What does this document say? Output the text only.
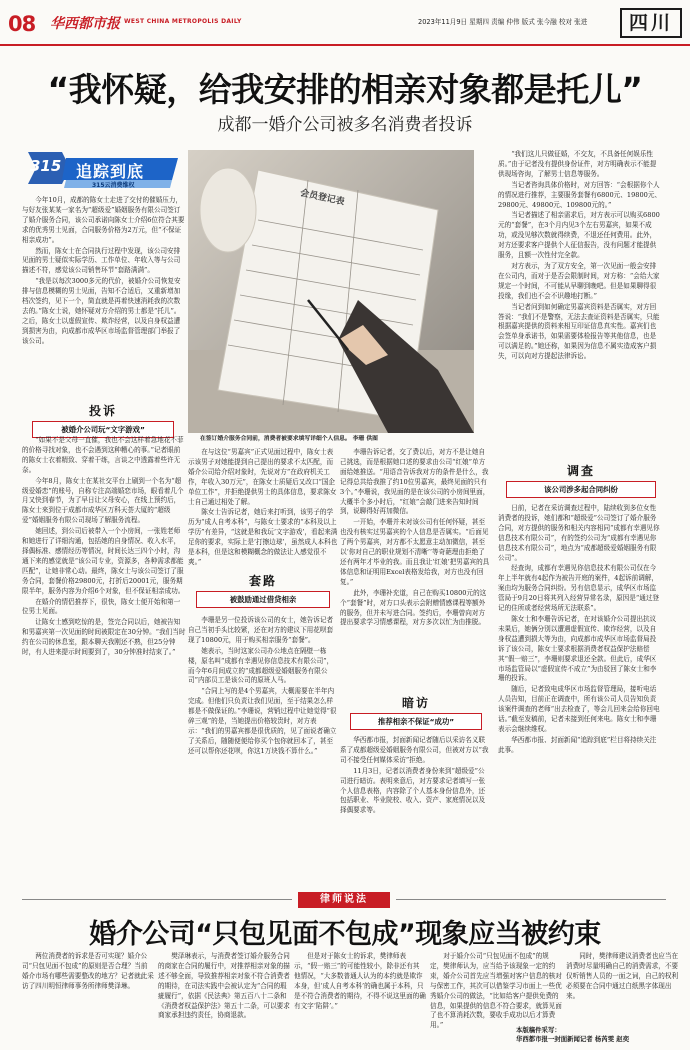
08 华西都市报 WEST CHINA METROPOLIS DAILY	2023年11月9日 星期四 责编 仲伟 版式 张今融 校对 张进	四川
“我怀疑，给我安排的相亲对象都是托儿”
成都一婚介公司被多名消费者投诉
315 追踪到底
315云消费维权

今年10月，成都的陈女士走进了交付的催婚压力，与好友张某某一家名为“超级爱”婚姻服务有限公司签订了婚介服务合同，该公司承诺向陈女士介绍6位符合其要求的优秀男士见面，合同服务价格为2万元，但“不保证相亲成功”。

然而，陈女士在合同执行过程中发现，该公司安排见面的男士疑似实际学历、工作单位、年收入等与公司描述不符，感觉该公司销售环节“套路满满”。

“我是以每次3000多元的代价，被婚介公司恢复安排与信息模糊的男士见面，告知不合适后，又重新增加档次签约，见下一个，简直就是再着快速消耗我的次数去的。”陈女士说，她怀疑对方介绍的男士都是“托儿”。之后，陈女士以虚假宣传、欺诈经营，以及自身权益遭到损害为由，向成都市成华区市场监督管理部门举报了该公司。

投诉
被婚介公司玩“文字游戏”

“如果不是父母一直催，我也不会这样着急地花不菲的价格寻找对象，也不会遇到这种糟心的事。”记者眼前的陈女士衣着精致、穿着干练，言谈之中透露着些许无奈。

今年8月，陈女士在某社交平台上刷到一个名为“超级爱婚恋”的账号，自称专注高端婚恋市场，眼看着几个月又快到春节，为了早日让父母安心，在线上预约后，陈女士来到位于成都市成华区万科天荟大厦的“超级爱”婚姻服务有限公司现场了解服务流程。

她回述，到公司后被带入一个小房间，一张姓老师和她进行了详细沟通，包括她的自身情况、收入水平，择偶标准、感情经历等情况，时间长达三四个小时，沟通下来的感觉就是“该公司专业，资源多，各种需求都能匹配”，让她非常心动。最终，陈女士与该公司签订了服务合同，套餐价格29800元，打折后20001元，服务期限半年，服务内容为介绍6个对象，但不保证相亲成功。

在婚介的情侣推荐下，很快，陈女士便开始和第一位男士见面。

让陈女士感到吃惊的是，签完合同以后，她被告知和男嘉宾第一次见面的时间被限定在30分钟。“我们当时约在公司的休息室，跟本聊天我刚还不熟，但25分钟时，有人进来提示时间要到了，30分钟准时结束了。”

会员登记表
在签订婚介服务合同前，消费者被要求填写详细个人信息。 李珊 供图

在与这位“男嘉宾”正式见面过程中，陈女士表示该男子对她能提到自己提出的要求不太匹配，而婚介公司给介绍对象时，先说对方“在政府机关工作，年收入30万元”，在陈女士质疑后又改口“国企单位工作”，并拒绝提供男士的具体信息，要求陈女士自己通过相处了解。

陈女士告诉记者，她后来打听到，该男子的学历为“成人自考本科”，与陈女士要求的“本科及以上学历”有差异，“这就是和我玩‘文字游戏’，看起来满足你的要求，实际上是‘打擦边球’，虽然成人本科也是本科，但是这和模糊概念的做法让人感觉很不爽。”

套路
被鼓励通过借贷相亲

李珊是另一位投诉该公司的女士，她告诉记者自己当初手头比较紧，还在对方的建议下用花呗套现了10800元，用于购买相亲服务“套餐”。

她表示，当时这家公司办公地点在隔壁一栋楼，原名叫“成都有幸遇见你信息技术有限公司”，而今年6月间成立的“成都超级爱婚姻服务有限公司”内部员工是该公司的原班人马。

“合同上写的是4个男嘉宾，大概需要在半年内完成。但他们只负责让我们见面，至于结果怎么样都是不做保证的。”李珊说，营销过程中让她觉得“很碎三观”的是，当她提出价格较贵时，对方表示：“我们的男嘉宾都是很优质的，见了面说者确立了关系后，随随便便给你买个包你就回本了，甚至还可以帮你还花呗，你这1万块钱不算什么。”

李珊告诉记者，交了费以后，对方不是让她自己挑选，而是根据她口述的要求由公司“红娘”单方面给她推送。“用语音告诉我对方的条件是什么，我记得总共给我推了约10位男嘉宾，最终见面的只有3个。”李珊说，我见面的是在该公司的小房间里面，大概半个多小时后，“红娘”会敲门进来告知时间到，说聊得好再加微信。

一开始，李珊并未对该公司有任何怀疑，甚至也没有核实过男嘉宾的个人信息是否属实。“后面见了两个男嘉宾，对方都不太愿意主动加微信，甚至以‘你对自己的职业规划不清晰’‘等奇葩理由拒绝了还有两年才毕业的我。而且我让‘红娘’把男嘉宾的具体信息和证明用Excel表格发给我，对方也没有回复。”

此外，李珊补充道，自己在购买10800元的这个“套餐”时，对方口头表示会附赠情感课程等额外的服务，但并未写进合同。签约后，李珊曾向对方提出要求学习情感课程，对方多次以忙为由推脱。

暗访
推荐相亲不保证“成功”

华西都市报，封面新闻记者随后以采访名义联系了成都超级爱婚姻服务有限公司，但被对方以“我司不接受任何媒体采访”拒绝。

11月3日，记者以消费者身份来到“超级爱”公司进行暗访。表明来意后，对方要求记者填写一张个人信息表格，内容除了个人基本身份信息外，还包括职业、毕业院校、收入、资产、家庭情况以及择偶要求等。

“我们这儿只做征婚，不交友，不具备任何娱乐性质。”由于记者没有提供身份证件，对方明确表示不能提供现场咨询，了解男士信息等服务。

当记者咨询具体价格时，对方回答：“会根据你个人的情况进行推荐，主要服务套餐有6800元、19800元、29800元、49800元、109800元的。”

当记者描述了相亲需求后，对方表示可以购买6800元的“套餐”，在3个月内见3个左右男嘉宾，如果不成功，或没见够次数就得续费，不退还任何费用。此外，对方还要求客户提供个人征信报告，没有问题才能提供服务，且额一次性付完全款。

对方表示，为了双方安全，第一次见面一般会安排在公司内，而对于是否会限制时间，对方称：“会给大家规定一个时间，不可能从早聊到晚吧。但是如果聊得很投缘，我们也不会不识趣地打断。”

当记者问到如何确定男嘉宾资料是否属实，对方回答说：“我们不是警察，无法去查证资料是否属实，只能根据嘉宾提供的资料来相互印证信息真实性。嘉宾们也会签单身承诺书，如果需要体检报告等其他信息，也是可以满足的。”她还称，如果因为信息不属实造成客户损失，可以向对方提起法律诉讼。

调查
该公司涉多起合同纠纷

日前，记者在采访调查过程中，陆续收到多位女性消费者的投诉，她们都和“超级爱”公司签订了婚介服务合同，对方提供的服务和相关内容相同“成都有幸遇见你信息技术有限公司”，有的签约公司为“成都有幸遇见你信息技术有限公司”，地点为“成都超级爱婚姻服务有限公司”。

经查询，成都有幸遇见你信息技术有限公司仅在今年上半年就有4起作为被告开庭的案件，4起诉前调解，案由均为服务合同纠纷。另有信息显示，成华区市场监管局于9月20日将其列入经营异常名录，原因是“通过登记的住所或者经营场所无法联系”。

陈女士和李珊告诉记者，在对该婚介公司提出抗议未果后，她俩分别以遭遇虚假宣传、欺诈经营，以及自身权益遭到损大等为由，向成都市成华区市场监督局投诉了该公司，陈女士要求根据消费者权益保护法赔偿其“假一赔三”，李珊则要求退还全款。但此后，成华区市场监管局以“虚假宣传不成立”为由驳回了陈女士和李珊的投诉。

随后，记者致电成华区市场监督管理局，接听电话人员告知，目前正在调查中，所有该公司人员告知负责该案件调查的老师“出去检查了，等会儿回来会给你回电话。”截至发稿前，记者未接到任何来电。陈女士和李珊表示会继续维权。

华西都市报、封面新闻“追踪到底”栏目将持续关注此事。

律师说法
婚介公司“只包见面不包成”现象应当被约束

两位消费者的诉求是否可实现？婚介公司“只包见面不包成”的原则是否合理？当前婚介市场有哪些需要整改的地方？记者就此采访了四川明恒律师事务所律师樊泽琳。

樊泽琳表示，与消费者签订婚介服务合同的商家在合同的履行中，对推荐相亲对象的描述不够全面，导致推荐相亲对象不符合消费者的期待，在司法实践中会被认定为“合同的瑕疵履行”，依据《民法典》第五百八十二条和《消费者权益保护法》第五十二条，可以要求商家承担违约责任，协商退款。

但是对于陈女士的诉求，樊律师表示，“假一赔三”的可能性较小，除非还有其他情况，“大多数普通人认为的本约就是欺诈本身，但‘成人自考本科’的确也属于本科，只是不符合消费者的期待，不得不说这里面的确有文字‘陷阱’。”

对于婚介公司“只包见面不包成”的规定，樊律师认为，应当给予该现象一定的约束，婚介公司首先应当增强对客户信息的核对与保密工作，其次可以借鉴学习市面上一些优秀婚介公司的做法，“比如给客户提供免费的信息，如果提供的信息不符合要求，就算见面了也不算消耗次数，要收手成功以后才算费用。”

同时，樊律师建议消费者也应当在消费时尽量明确自己的消费需求，不要仅听销售人员的一面之词，自己的权利必须要在合同中通过白纸黑字体现出来。

本版稿件采写：
华西都市报一封面新闻记者 杨芮雯 赵奕
